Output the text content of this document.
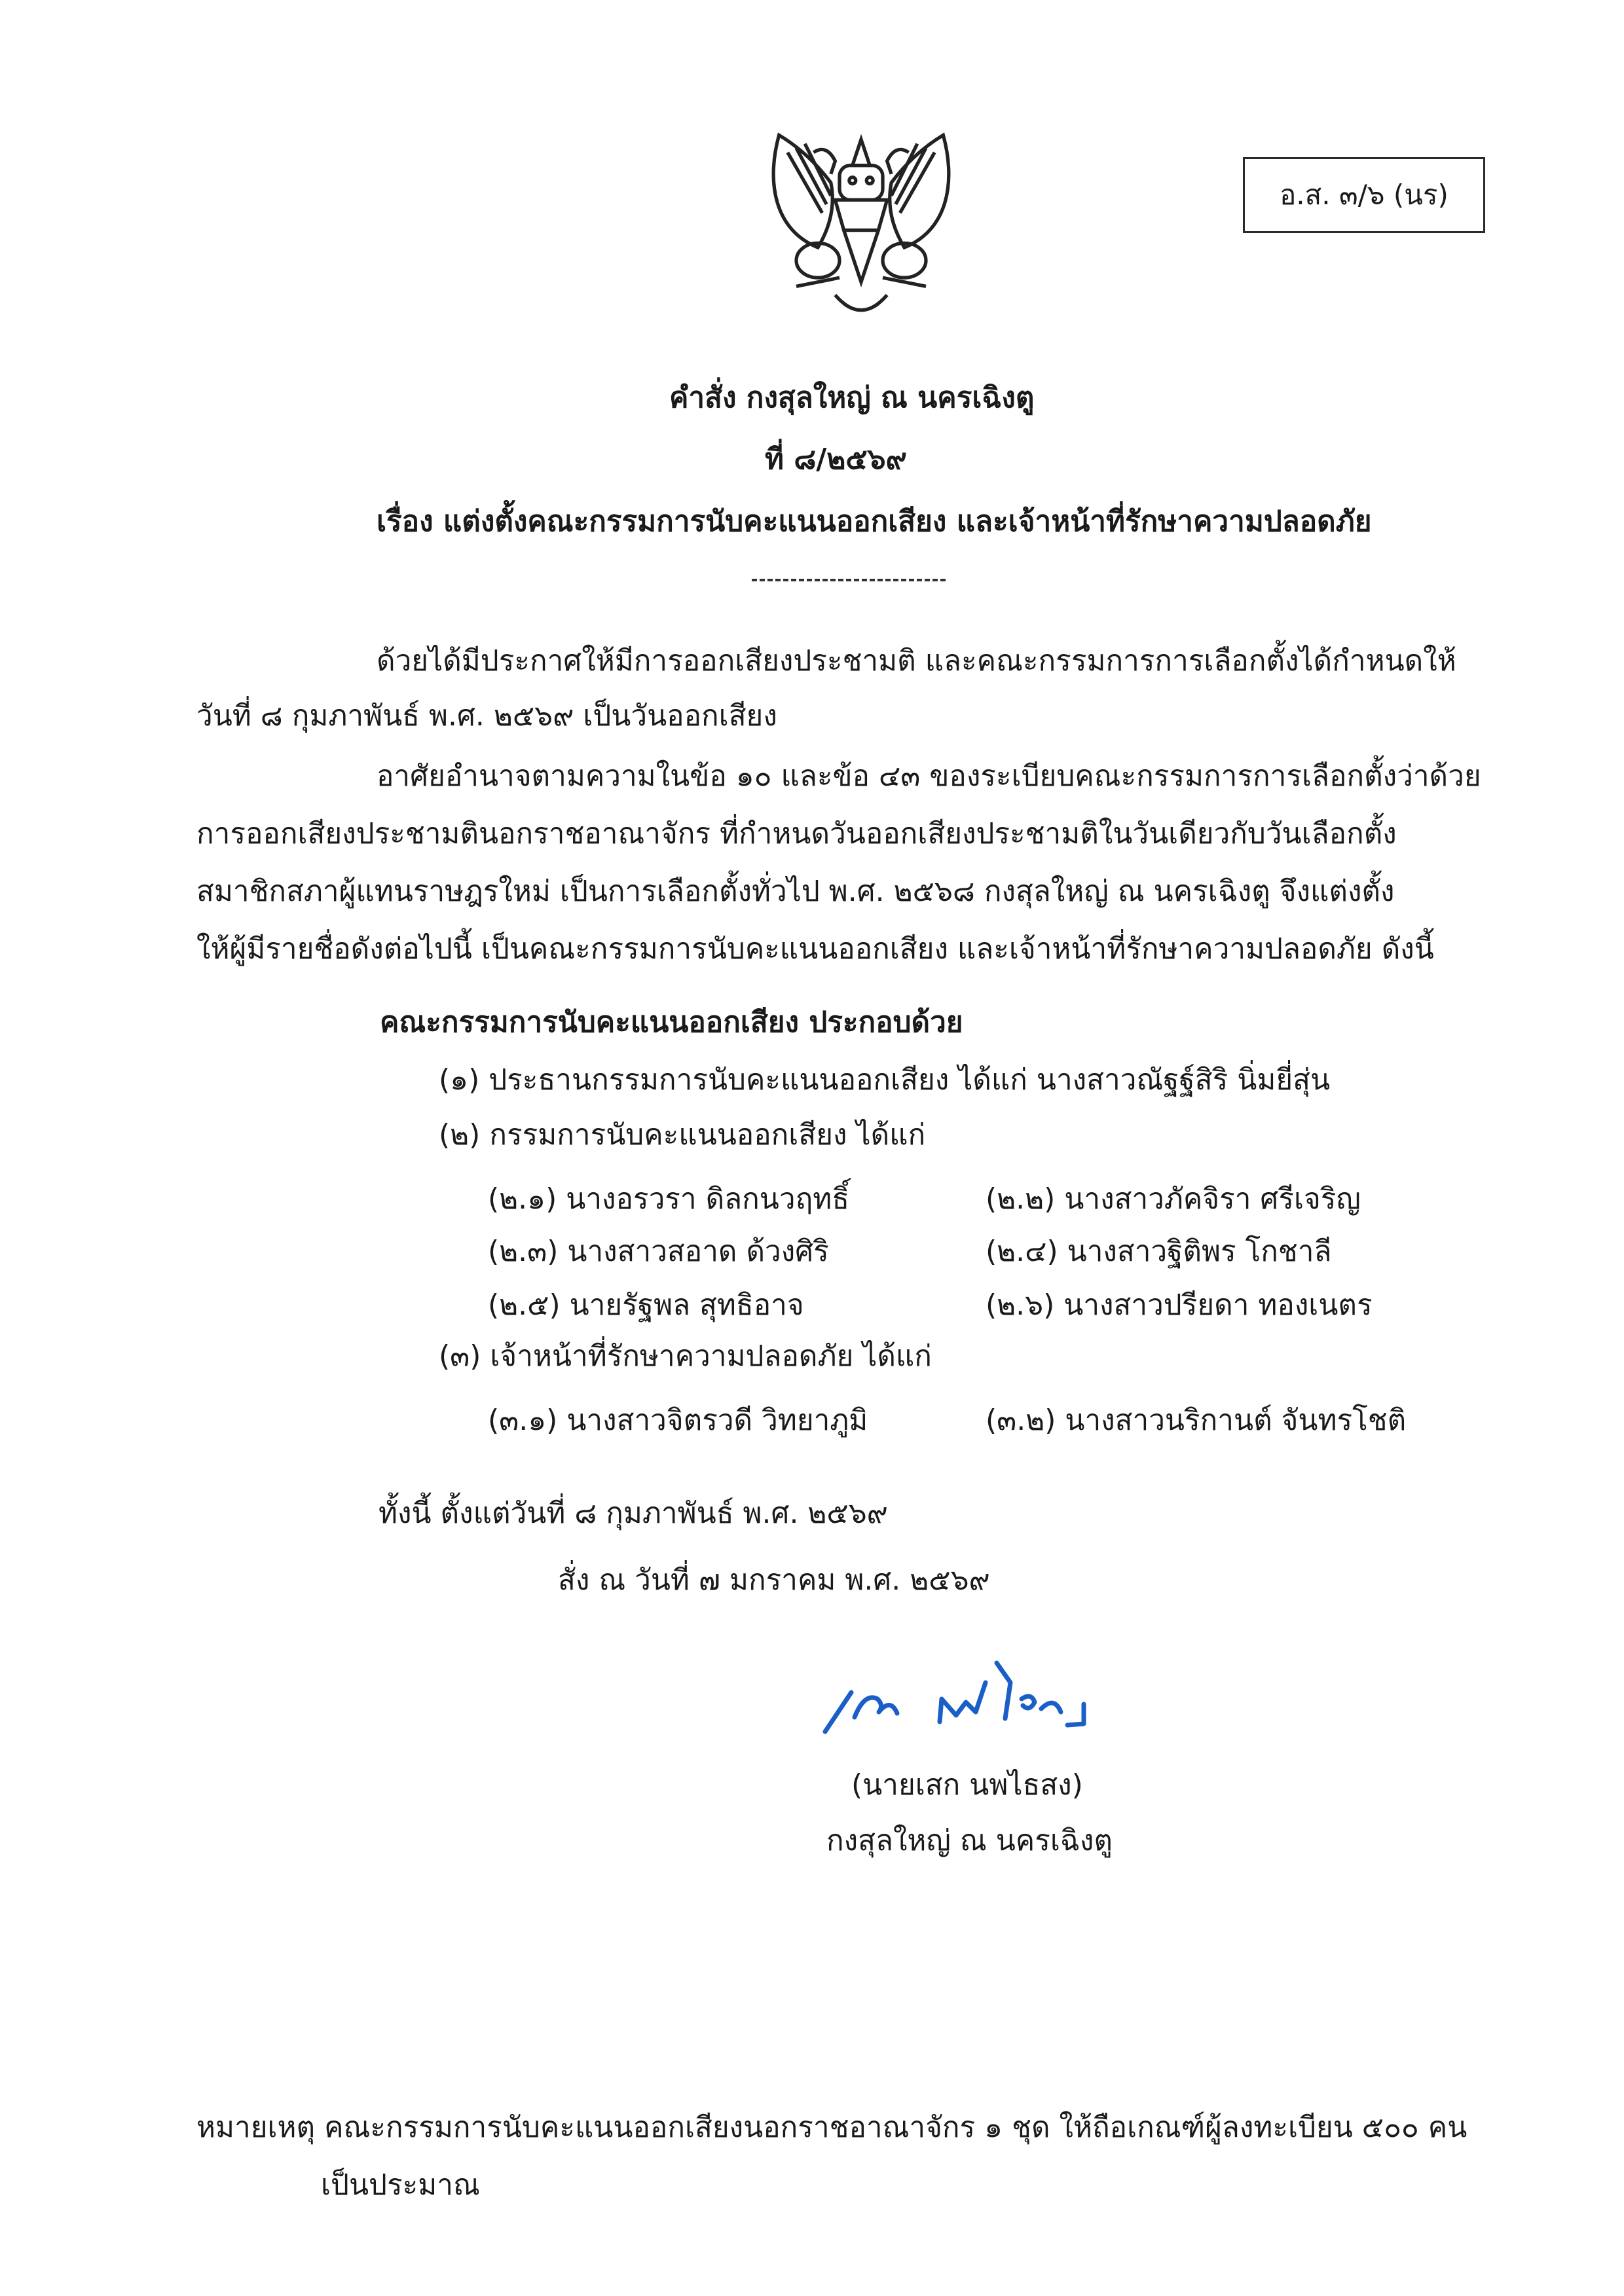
อ.ส. ๓/๖ (นร)
คำสั่ง กงสุลใหญ่ ณ นครเฉิงตู
ที่ ๘/๒๕๖๙
เรื่อง แต่งตั้งคณะกรรมการนับคะแนนออกเสียง และเจ้าหน้าที่รักษาความปลอดภัย
ด้วยได้มีประกาศให้มีการออกเสียงประชามติ และคณะกรรมการการเลือกตั้งได้กำหนดให้
วันที่ ๘ กุมภาพันธ์ พ.ศ. ๒๕๖๙ เป็นวันออกเสียง
อาศัยอำนาจตามความในข้อ ๑๐ และข้อ ๔๓ ของระเบียบคณะกรรมการการเลือกตั้งว่าด้วย
การออกเสียงประชามตินอกราชอาณาจักร ที่กำหนดวันออกเสียงประชามติในวันเดียวกับวันเลือกตั้ง
สมาชิกสภาผู้แทนราษฎรใหม่ เป็นการเลือกตั้งทั่วไป พ.ศ. ๒๕๖๘ กงสุลใหญ่ ณ นครเฉิงตู จึงแต่งตั้ง
ให้ผู้มีรายชื่อดังต่อไปนี้ เป็นคณะกรรมการนับคะแนนออกเสียง และเจ้าหน้าที่รักษาความปลอดภัย ดังนี้
คณะกรรมการนับคะแนนออกเสียง ประกอบด้วย
(๑) ประธานกรรมการนับคะแนนออกเสียง ได้แก่ นางสาวณัฐฐ์สิริ นิ่มยี่สุ่น
(๒) กรรมการนับคะแนนออกเสียง ได้แก่
(๒.๑) นางอรวรา ดิลกนวฤทธิ์	(๒.๒) นางสาวภัคจิรา ศรีเจริญ
(๒.๓) นางสาวสอาด ด้วงศิริ	(๒.๔) นางสาวฐิติพร โกชาลี
(๒.๕) นายรัฐพล สุทธิอาจ	(๒.๖) นางสาวปรียดา ทองเนตร
(๓) เจ้าหน้าที่รักษาความปลอดภัย ได้แก่
(๓.๑) นางสาวจิตรวดี วิทยาภูมิ	(๓.๒) นางสาวนริกานต์ จันทรโชติ
ทั้งนี้ ตั้งแต่วันที่ ๘ กุมภาพันธ์ พ.ศ. ๒๕๖๙
สั่ง ณ วันที่ ๗ มกราคม พ.ศ. ๒๕๖๙
(นายเสก นพไธสง)
กงสุลใหญ่ ณ นครเฉิงตู
หมายเหตุ คณะกรรมการนับคะแนนออกเสียงนอกราชอาณาจักร ๑ ชุด ให้ถือเกณฑ์ผู้ลงทะเบียน ๕๐๐ คน
เป็นประมาณ
